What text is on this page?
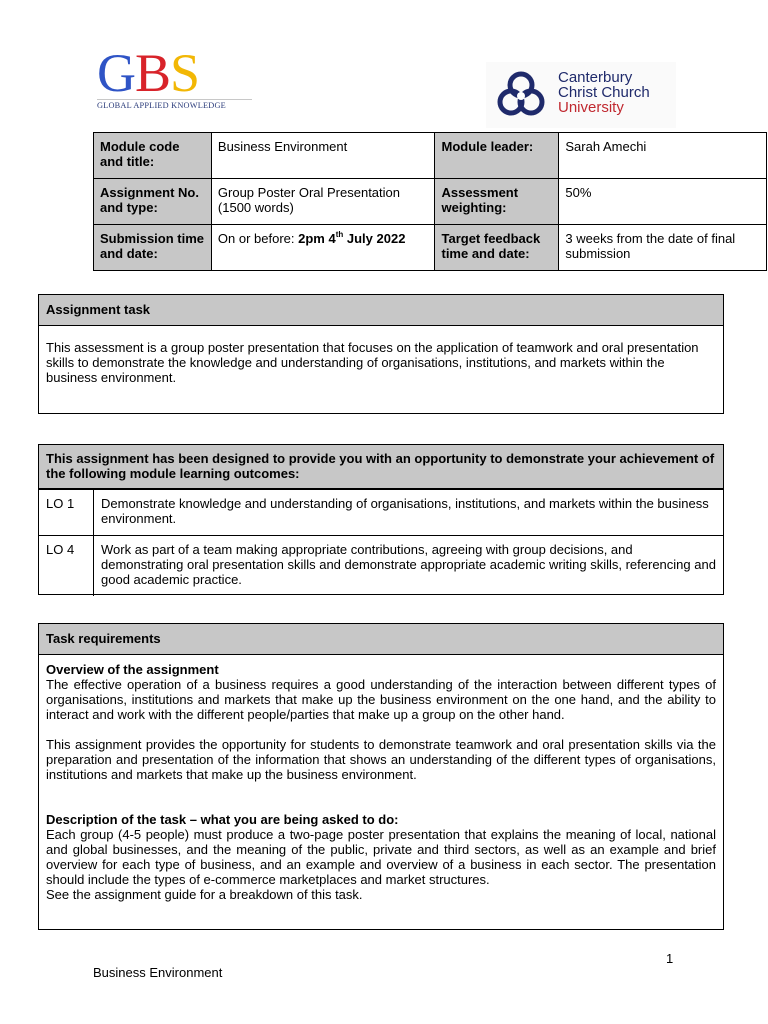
GBS
GLOBAL APPLIED KNOWLEDGE
Canterbury
Christ Church
University
Module code and title:	Business Environment	Module leader:	Sarah Amechi
Assignment No. and type:	Group Poster Oral Presentation (1500 words)	Assessment weighting:	50%
Submission time and date:	On or before: 2pm 4th July 2022	Target feedback time and date:	3 weeks from the date of final submission
Assignment task
This assessment is a group poster presentation that focuses on the application of teamwork and oral presentation skills to demonstrate the knowledge and understanding of organisations, institutions, and markets within the business environment.
This assignment has been designed to provide you with an opportunity to demonstrate your achievement of the following module learning outcomes:
LO 1	Demonstrate knowledge and understanding of organisations, institutions, and markets within the business environment.
LO 4	Work as part of a team making appropriate contributions, agreeing with group decisions, and demonstrating oral presentation skills and demonstrate appropriate academic writing skills, referencing and good academic practice.
Task requirements
Overview of the assignment

The effective operation of a business requires a good understanding of the interaction between different types of organisations, institutions and markets that make up the business environment on the one hand, and the ability to interact and work with the different people/parties that make up a group on the other hand.

This assignment provides the opportunity for students to demonstrate teamwork and oral presentation skills via the preparation and presentation of the information that shows an understanding of the different types of organisations, institutions and markets that make up the business environment.

Description of the task – what you are being asked to do:
Each group (4-5 people) must produce a two-page poster presentation that explains the meaning of local, national and global businesses, and the meaning of the public, private and third sectors, as well as an example and brief overview for each type of business, and an example and overview of a business in each sector. The presentation should include the types of e-commerce marketplaces and market structures.
See the assignment guide for a breakdown of this task.
1
Business Environment
